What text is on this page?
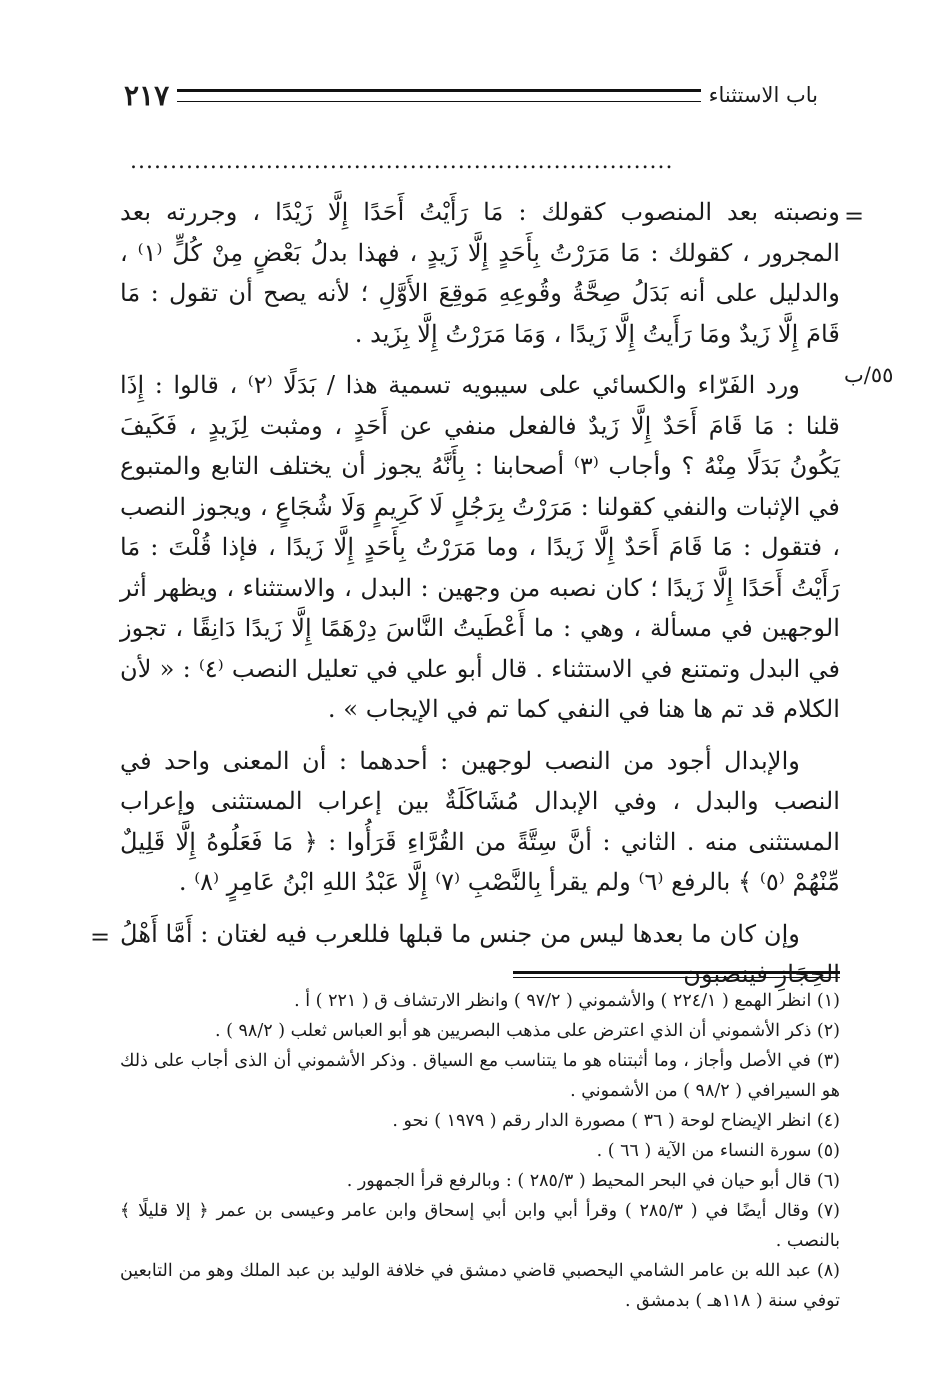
٢١٧	باب الاستثناء
....................................................................
=
٥٥/ب
=

ونصبته بعد المنصوب كقولك : مَا رَأَيْتُ أَحَدًا إِلَّا زَيْدًا ، وجررته بعد المجرور ، كقولك : مَا مَرَرْتُ بِأَحَدٍ إِلَّا زَيدٍ ، فهذا بدلُ بَعْضٍ مِنْ كُلٍّ ⁽١⁾ ، والدليل على أنه بَدَلُ صِحَّةُ وقُوعِهِ مَوقِعَ الأَوَّلِ ؛ لأنه يصح أن تقول : مَا قَامَ إِلَّا زَيدٌ ومَا رَأَيتُ إِلَّا زَيدًا ، وَمَا مَرَرْتُ إِلَّا بِزَيد .

ورد الفَرّاء والكسائي على سيبويه تسمية هذا / بَدَلًا ⁽٢⁾ ، قالوا : إِذَا قلنا : مَا قَامَ أَحَدٌ إِلَّا زَيدٌ فالفعل منفي عن أَحَدٍ ، ومثبت لِزَيدٍ ، فَكَيفَ يَكُونُ بَدَلًا مِنْهُ ؟ وأجاب ⁽٣⁾ أصحابنا : بِأَنَّهُ يجوز أن يختلف التابع والمتبوع في الإثبات والنفي كقولنا : مَرَرْتُ بِرَجُلٍ لَا كَرِيمٍ وَلَا شُجَاعٍ ، ويجوز النصب ، فتقول : مَا قَامَ أَحَدٌ إِلَّا زَيدًا ، وما مَرَرْتُ بِأَحَدٍ إِلَّا زَيدًا ، فإذا قُلْتَ : مَا رَأَيْتُ أَحَدًا إِلَّا زَيدًا ؛ كان نصبه من وجهين : البدل ، والاستثناء ، ويظهر أثر الوجهين في مسألة ، وهي : ما أَعْطَيتُ النَّاسَ دِرْهَمًا إِلَّا زَيدًا دَانِقًا ، تجوز في البدل وتمتنع في الاستثناء . قال أبو علي في تعليل النصب ⁽٤⁾ : « لأن الكلام قد تم ها هنا في النفي كما تم في الإيجاب » .

والإبدال أجود من النصب لوجهين : أحدهما : أن المعنى واحد في النصب والبدل ، وفي الإبدال مُشَاكَلَةٌ بين إعراب المستثنى وإعراب المستثنى منه . الثاني : أنَّ سِتَّةً من القُرَّاءِ قَرَأُوا : ﴿ مَا فَعَلُوهُ إِلَّا قَلِيلٌ مِّنْهُمْ ⁽٥⁾ ﴾ بالرفع ⁽٦⁾ ولم يقرأ بِالنَّصْبِ ⁽٧⁾ إِلَّا عَبْدُ اللهِ ابْنُ عَامِرٍ ⁽٨⁾ .

وإن كان ما بعدها ليس من جنس ما قبلها فللعرب فيه لغتان : أَمَّا أَهْلُ الحِجَازِ فينصبون

(١) انظر الهمع ( ٢٢٤/١ ) والأشموني ( ٩٧/٢ ) وانظر الارتشاف ق ( ٢٢١ ) أ .
(٢) ذكر الأشموني أن الذي اعترض على مذهب البصريين هو أبو العباس ثعلب ( ٩٨/٢ ) .
(٣) في الأصل وأجاز ، وما أثبتناه هو ما يتناسب مع السياق . وذكر الأشموني أن الذى أجاب على ذلك هو السيرافي ( ٩٨/٢ ) من الأشموني .
(٤) انظر الإيضاح لوحة ( ٣٦ ) مصورة الدار رقم ( ١٩٧٩ ) نحو .
(٥) سورة النساء من الآية ( ٦٦ ) .
(٦) قال أبو حيان في البحر المحيط ( ٢٨٥/٣ ) : وبالرفع قرأ الجمهور .
(٧) وقال أيضًا في ( ٢٨٥/٣ ) وقرأ أبي وابن أبي إسحاق وابن عامر وعيسى بن عمر ﴿ إلا قليلًا ﴾ بالنصب .
(٨) عبد الله بن عامر الشامي اليحصبي قاضي دمشق في خلافة الوليد بن عبد الملك وهو من التابعين توفي سنة ( ١١٨هـ ) بدمشق .
